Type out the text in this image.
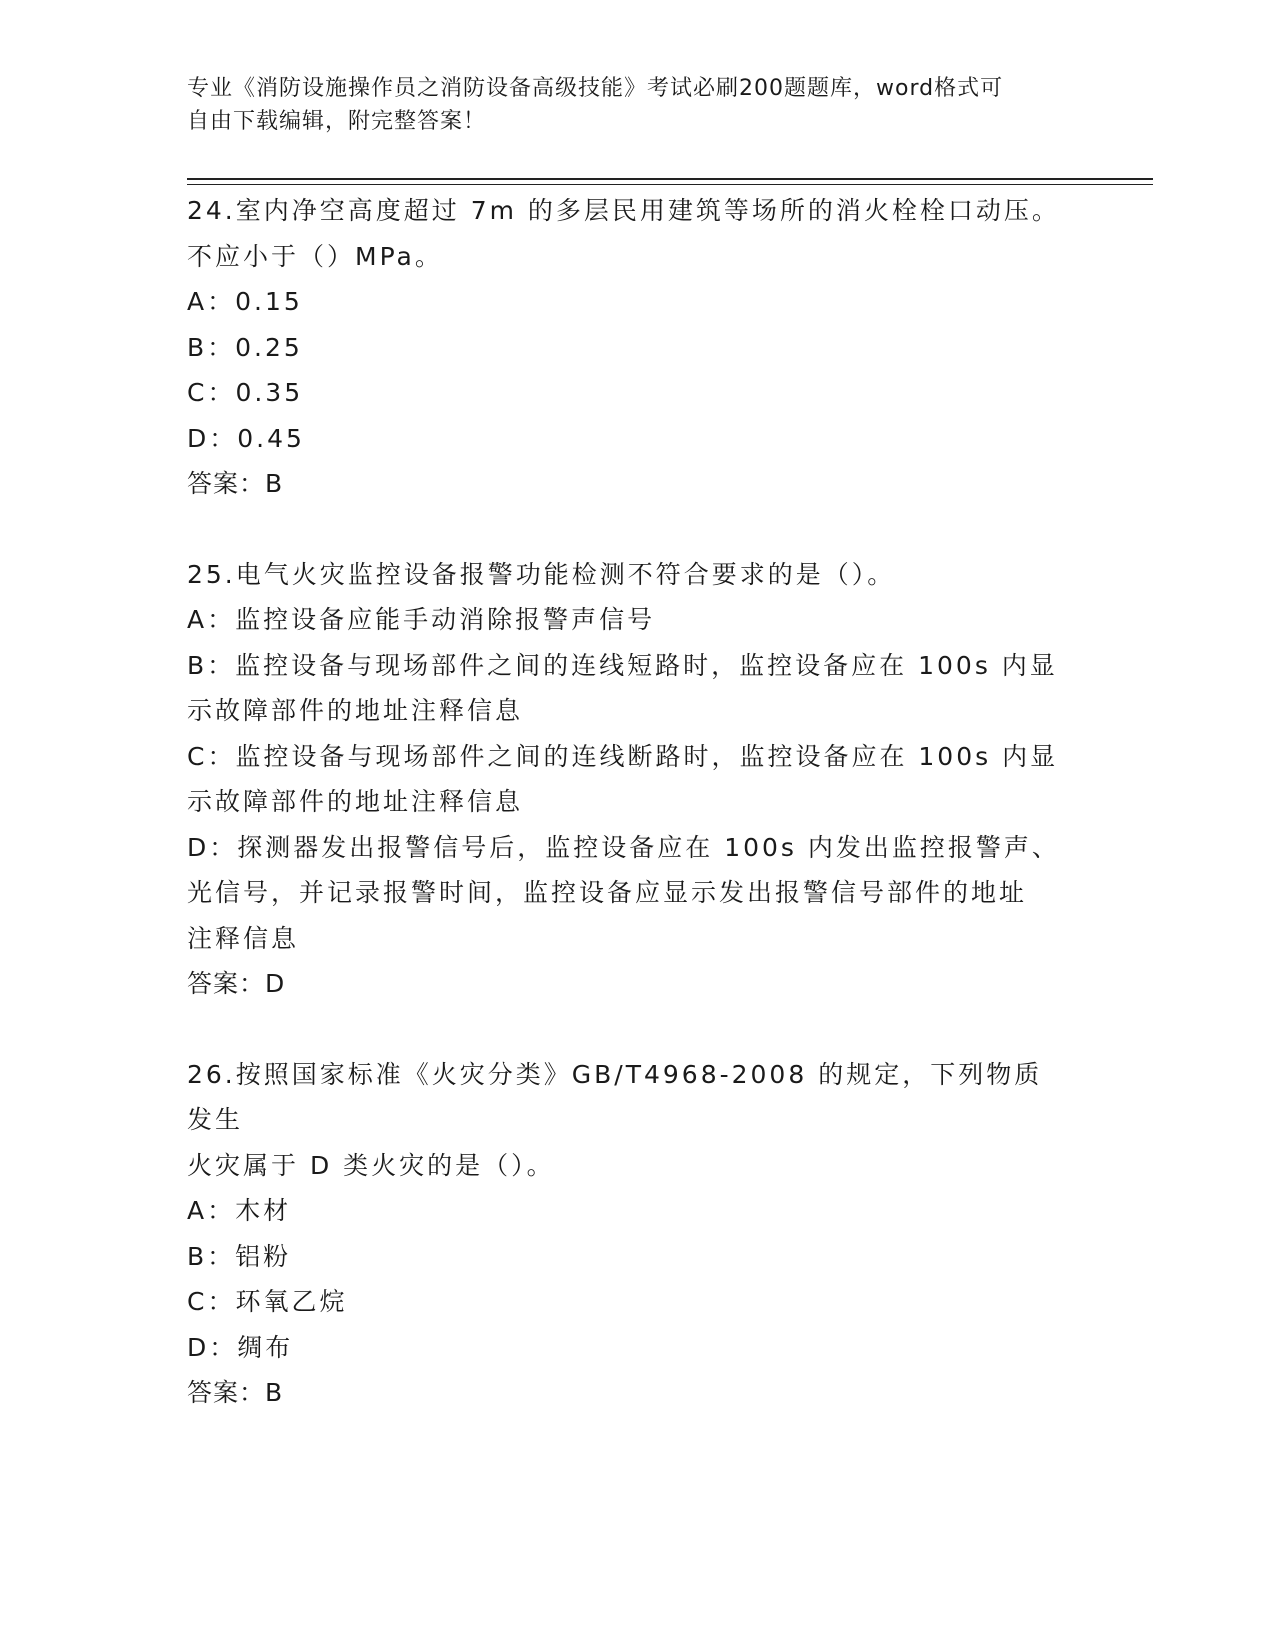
专业《消防设施操作员之消防设备高级技能》考试必刷200题题库，word格式可
自由下载编辑，附完整答案！
24.室内净空高度超过 7m 的多层民用建筑等场所的消火栓栓口动压。
不应小于（）MPa。
A：0.15
B：0.25
C：0.35
D：0.45
答案：B
25.电气火灾监控设备报警功能检测不符合要求的是（）。
A：监控设备应能手动消除报警声信号
B：监控设备与现场部件之间的连线短路时，监控设备应在 100s 内显
示故障部件的地址注释信息
C：监控设备与现场部件之间的连线断路时，监控设备应在 100s 内显
示故障部件的地址注释信息
D：探测器发出报警信号后，监控设备应在 100s 内发出监控报警声、
光信号，并记录报警时间，监控设备应显示发出报警信号部件的地址
注释信息
答案：D
26.按照国家标准《火灾分类》GB/T4968-2008 的规定，下列物质发生
火灾属于 D 类火灾的是（）。
A：木材
B：铝粉
C：环氧乙烷
D：绸布
答案：B
